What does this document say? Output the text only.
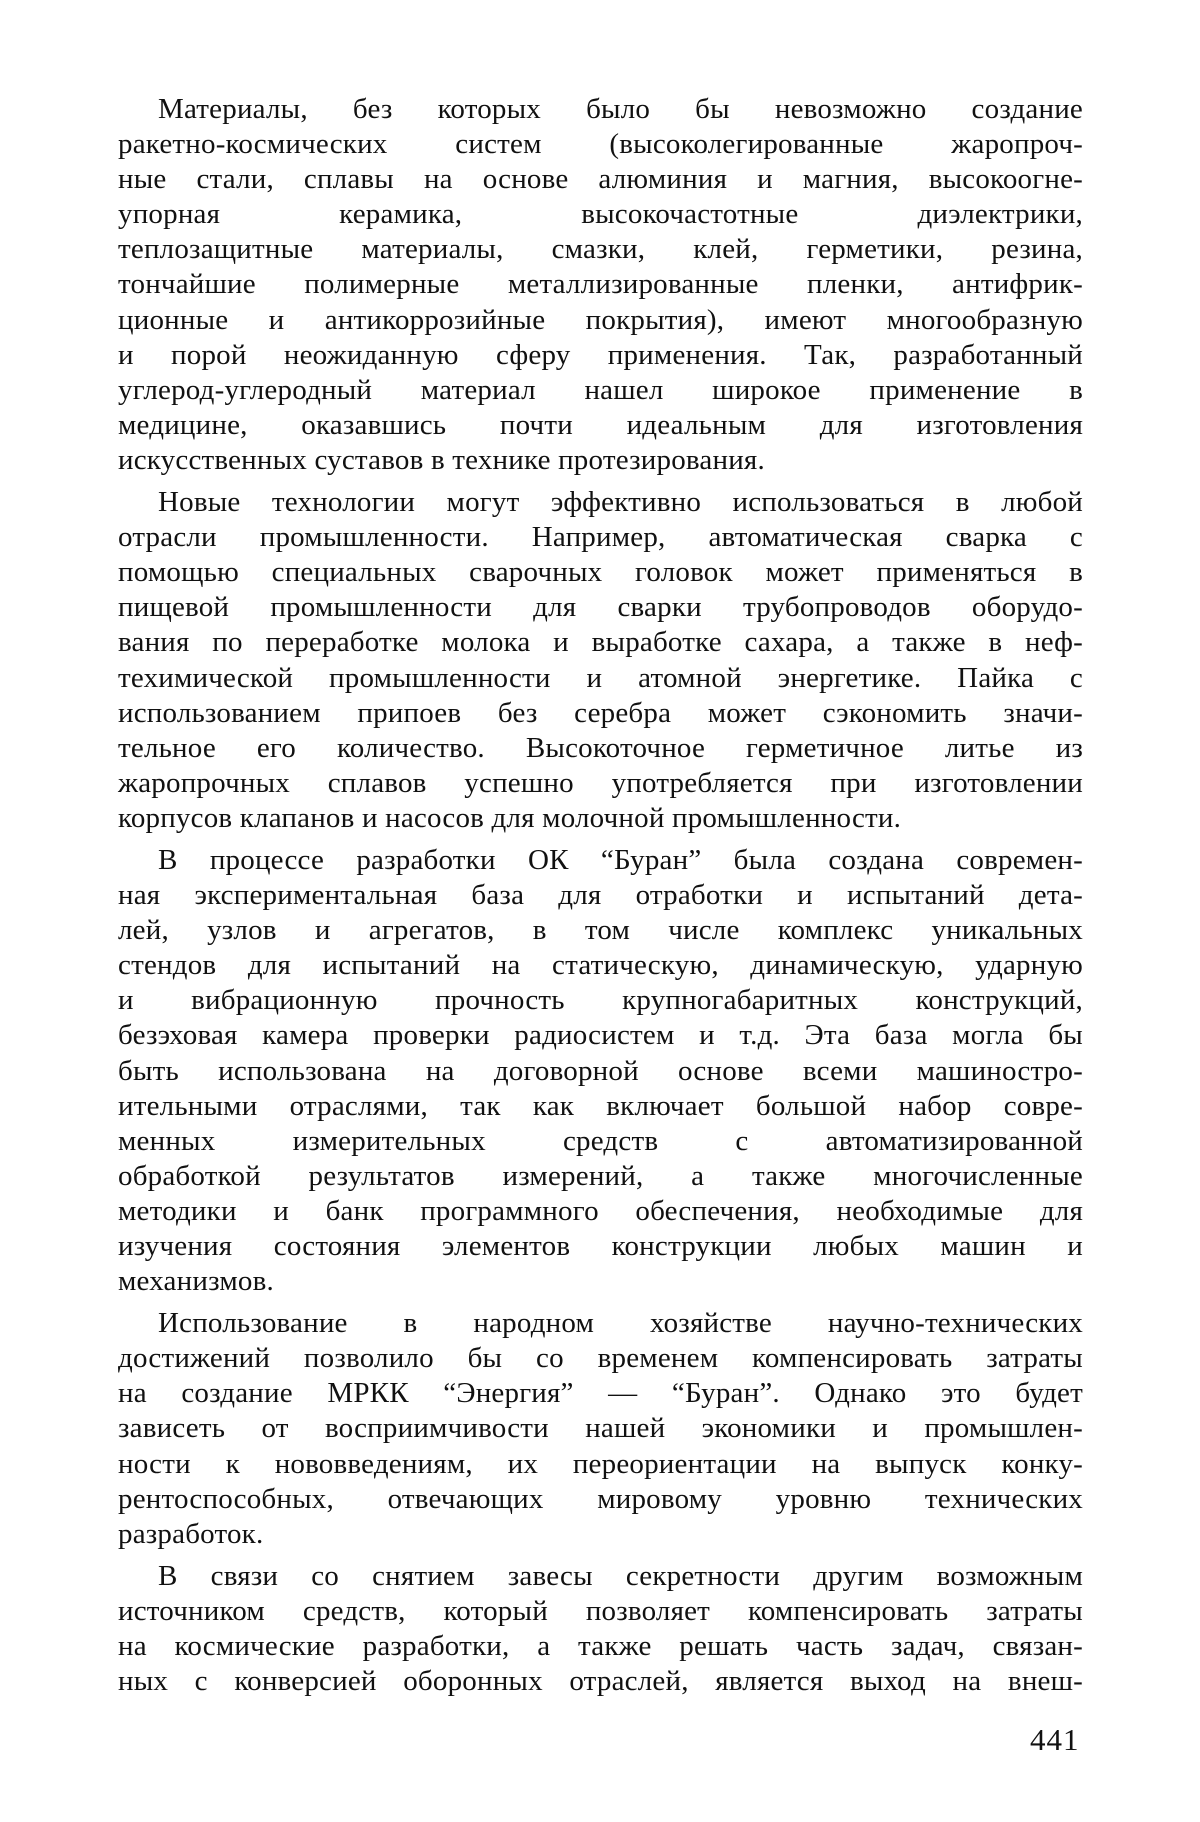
Материалы, без которых было бы невозможно создание
ракетно-космических систем (высоколегированные жаропроч-
ные стали, сплавы на основе алюминия и магния, высокоогне-
упорная керамика, высокочастотные диэлектрики,
теплозащитные материалы, смазки, клей, герметики, резина,
тончайшие полимерные металлизированные пленки, антифрик-
ционные и антикоррозийные покрытия), имеют многообразную
и порой неожиданную сферу применения. Так, разработанный
углерод-углеродный материал нашел широкое применение в
медицине, оказавшись почти идеальным для изготовления
искусственных суставов в технике протезирования.
Новые технологии могут эффективно использоваться в любой
отрасли промышленности. Например, автоматическая сварка с
помощью специальных сварочных головок может применяться в
пищевой промышленности для сварки трубопроводов оборудо-
вания по переработке молока и выработке сахара, а также в неф-
техимической промышленности и атомной энергетике. Пайка с
использованием припоев без серебра может сэкономить значи-
тельное его количество. Высокоточное герметичное литье из
жаропрочных сплавов успешно употребляется при изготовлении
корпусов клапанов и насосов для молочной промышленности.
В процессе разработки ОК “Буран” была создана современ-
ная экспериментальная база для отработки и испытаний дета-
лей, узлов и агрегатов, в том числе комплекс уникальных
стендов для испытаний на статическую, динамическую, ударную
и вибрационную прочность крупногабаритных конструкций,
безэховая камера проверки радиосистем и т.д. Эта база могла бы
быть использована на договорной основе всеми машиностро-
ительными отраслями, так как включает большой набор совре-
менных измерительных средств с автоматизированной
обработкой результатов измерений, а также многочисленные
методики и банк программного обеспечения, необходимые для
изучения состояния элементов конструкции любых машин и
механизмов.
Использование в народном хозяйстве научно-технических
достижений позволило бы со временем компенсировать затраты
на создание МРКК “Энергия” — “Буран”. Однако это будет
зависеть от восприимчивости нашей экономики и промышлен-
ности к нововведениям, их переориентации на выпуск конку-
рентоспособных, отвечающих мировому уровню технических
разработок.
В связи со снятием завесы секретности другим возможным
источником средств, который позволяет компенсировать затраты
на космические разработки, а также решать часть задач, связан-
ных с конверсией оборонных отраслей, является выход на внеш-
441
